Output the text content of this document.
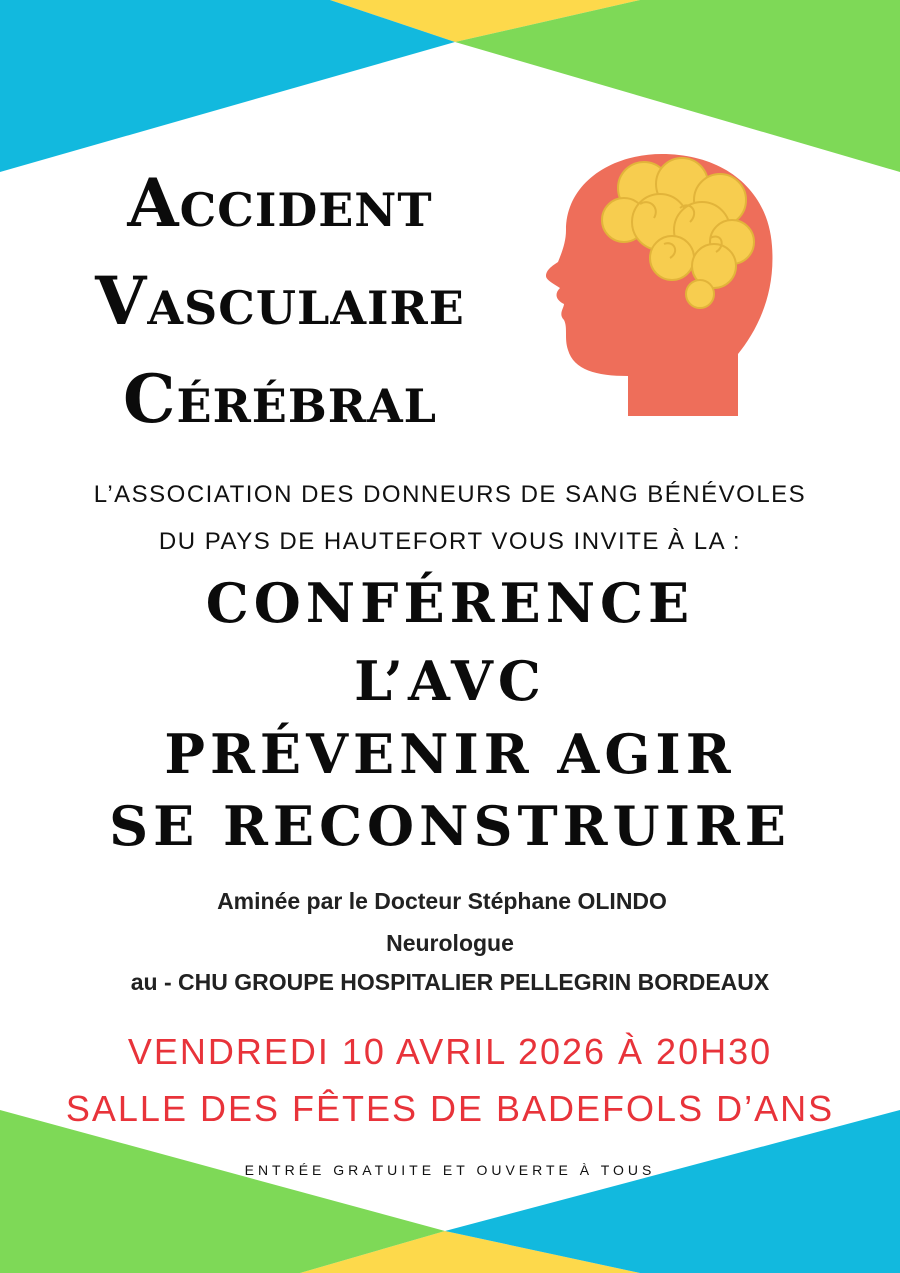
Accident
Vasculaire
Cérébral
L’ASSOCIATION DES DONNEURS DE SANG BÉNÉVOLES
DU PAYS DE HAUTEFORT VOUS INVITE À LA :
CONFÉRENCE
L’AVC
PRÉVENIR AGIR
SE RECONSTRUIRE
Aminée par le Docteur Stéphane OLINDO
Neurologue
au - CHU GROUPE HOSPITALIER PELLEGRIN BORDEAUX
VENDREDI 10 AVRIL 2026 À 20H30
SALLE DES FÊTES DE BADEFOLS D’ANS
ENTRÉE GRATUITE ET OUVERTE À TOUS
